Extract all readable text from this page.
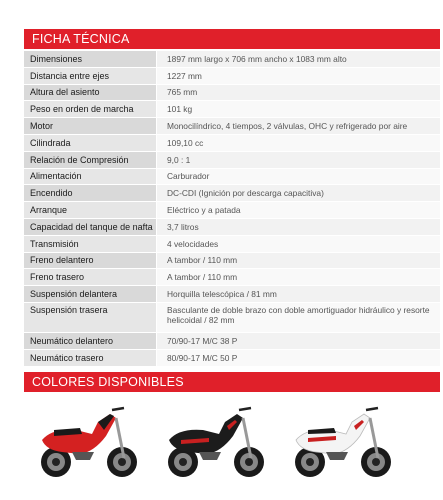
FICHA TÉCNICA
Dimensiones	1897 mm largo x 706 mm ancho x 1083 mm alto
Distancia entre ejes	1227 mm
Altura del asiento	765 mm
Peso en orden de marcha	101 kg
Motor	Monocilíndrico, 4 tiempos, 2 válvulas, OHC y refrigerado por aire
Cilindrada	109,10 cc
Relación de Compresión	9,0 : 1
Alimentación	Carburador
Encendido	DC-CDI (Ignición por descarga capacitiva)
Arranque	Eléctrico y a patada
Capacidad del tanque de nafta	3,7 litros
Transmisión	4 velocidades
Freno delantero	A tambor / 110 mm
Freno trasero	A tambor / 110 mm
Suspensión delantera	Horquilla telescópica / 81 mm
Suspensión trasera	Basculante de doble brazo con doble amortiguador hidráulico y resorte helicoidal / 82 mm
Neumático delantero	70/90-17 M/C 38 P
Neumático trasero	80/90-17 M/C 50 P
COLORES DISPONIBLES
